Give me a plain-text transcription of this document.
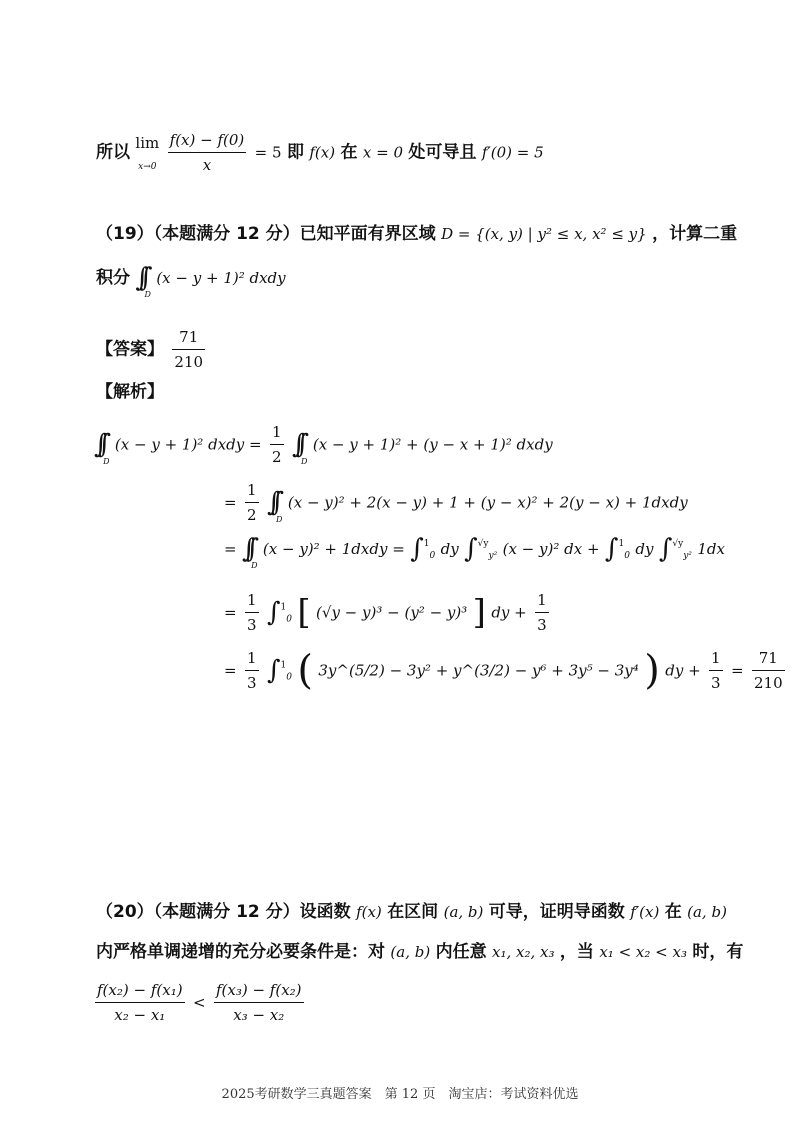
所以 lim
x→0
$\frac{f(x) - f(0)}{x} = 5$ 即 f(x) 在 x = 0 处可导且 f′(0) = 5
（19）（本题满分 12 分）已知平面有界区域 D = {(x, y) | y² ≤ x, x² ≤ y} ，计算二重
积分 $\int\int_D$ (x − y + 1)² dxdy
【答案】 $\frac{71}{210}$
【解析】
$\int\int_D$ (x − y + 1)² dxdy = $\frac{1}{2} \int\int_D$ (x − y + 1)² + (y − x + 1)² dxdy
= $\frac{1}{2} \int\int_D$ (x − y)² + 2(x − y) + 1 + (y − x)² + 2(y − x) + 1dxdy
= $\int\int_D$ (x − y)² + 1dxdy = ∫$^1_0$ dy ∫$^{√y}_{y^2}$ (x − y)² dx + ∫$^1_0$ dy ∫$^{√y}_{y^2}$ 1dx
= $\frac{1}{3} \int^1_0$ [ (√y − y)³ − (y² − y)³ ] dy + $\frac{1}{3}$
= $\frac{1}{3} \int^1_0$ ( 3y^(5/2) − 3y² + y^(3/2) − y⁶ + 3y⁵ − 3y⁴ ) dy + $\frac{1}{3} = \frac{71}{210}$
（20）（本题满分 12 分）设函数 f(x) 在区间 (a, b) 可导，证明导函数 f′(x) 在 (a, b)
内严格单调递增的充分必要条件是：对 (a, b) 内任意 x₁, x₂, x₃ ，当 x₁ < x₂ < x₃ 时，有
$\frac{\text{f(x₂) − f(x₁)}}{\text{x₂ − x₁}} < \frac{\text{f(x₃) − f(x₂)}}{\text{x₃ − x₂}}$
2025考研数学三真题答案　第 12 页　淘宝店：考试资料优选
